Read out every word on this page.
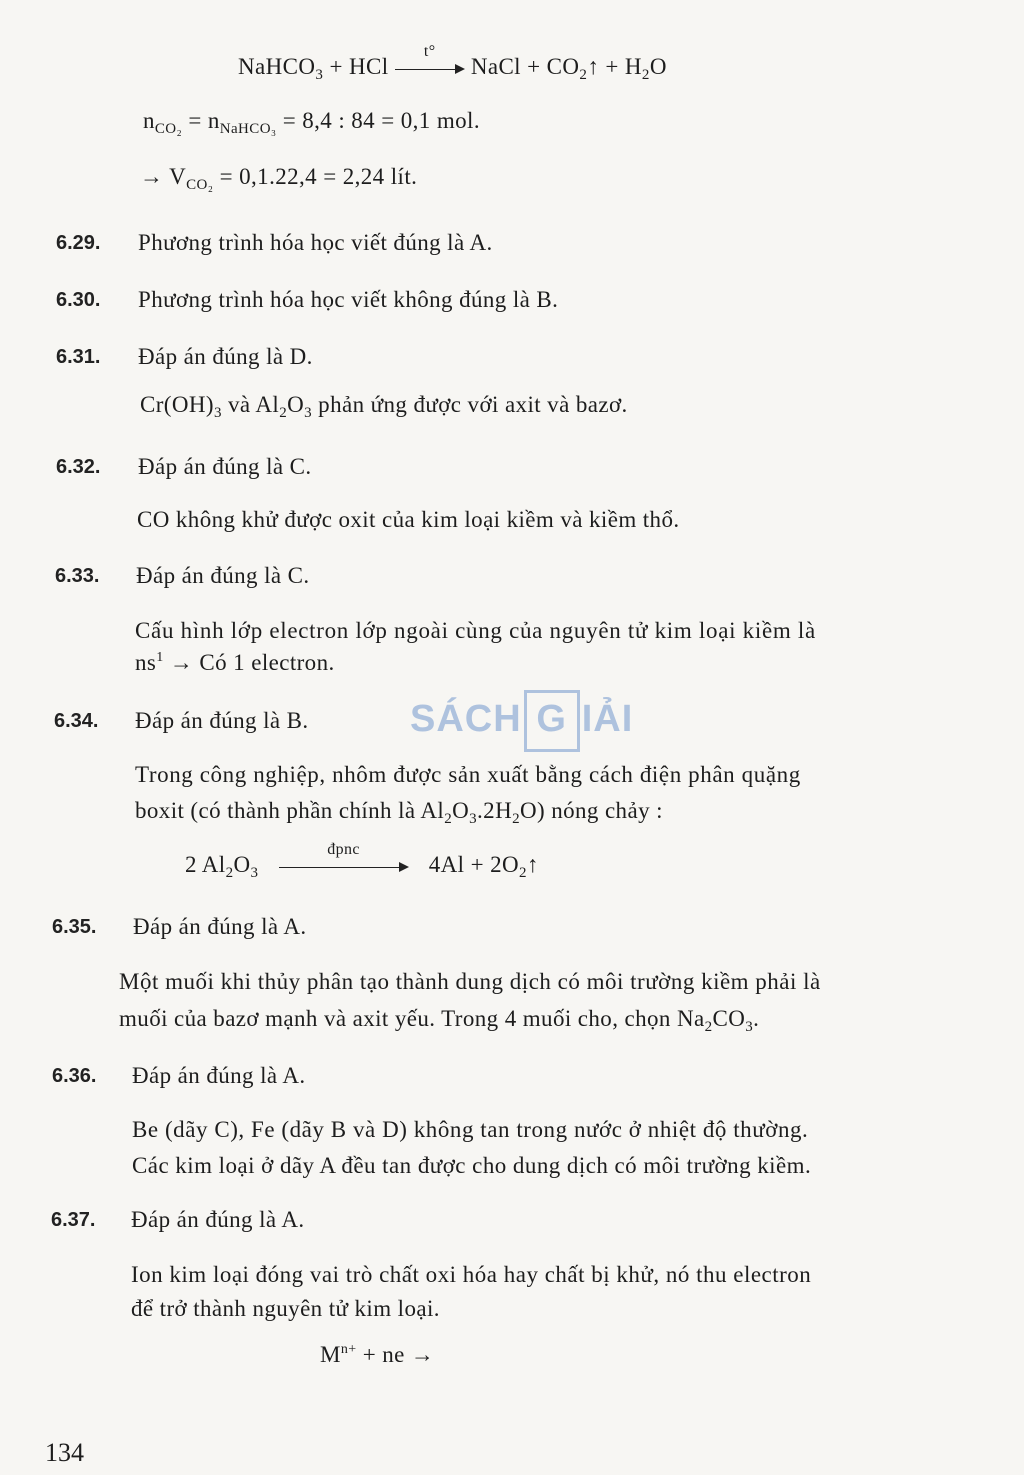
NaHCO$_3$ + HCl
t°
NaCl + $CO_2↑ + H_2O$
$n_{CO_2} = n_{NaHCO_3} = 8,4$ : 84 = 0,1 mol.
→ $V_{CO_2} = 0,1.22,4 = 2,24$ lít.
6.29. Phương trình hóa học viết đúng là A.
6.30. Phương trình hóa học viết không đúng là B.
6.31. Đáp án đúng là D.
$Cr(OH)_3$ và $Al_2O_3$ phản ứng được với axit và bazơ.
6.32. Đáp án đúng là C.
CO không khử được oxit của kim loại kiềm và kiềm thổ.
6.33. Đáp án đúng là C.
Cấu hình lớp electron lớp ngoài cùng của nguyên tử kim loại kiềm là
$ns^1$ → Có 1 electron.
6.34. Đáp án đúng là B.
Trong công nghiệp, nhôm được sản xuất bằng cách điện phân quặng
boxit (có thành phần chính là $Al_2O_3.2H_2O$) nóng chảy :
2 $Al_2O_3$
đpnc
$4Al + 2O_2↑$
6.35. Đáp án đúng là A.
Một muối khi thủy phân tạo thành dung dịch có môi trường kiềm phải là
muối của bazơ mạnh và axit yếu. Trong 4 muối cho, chọn $Na_2CO_3$.
6.36. Đáp án đúng là A.
Be (dãy C), Fe (dãy B và D) không tan trong nước ở nhiệt độ thường.
Các kim loại ở dãy A đều tan được cho dung dịch có môi trường kiềm.
6.37. Đáp án đúng là A.
Ion kim loại đóng vai trò chất oxi hóa hay chất bị khử, nó thu electron
để trở thành nguyên tử kim loại.
$M^{n+}$ + ne →
SÁCH G IẢI
134
